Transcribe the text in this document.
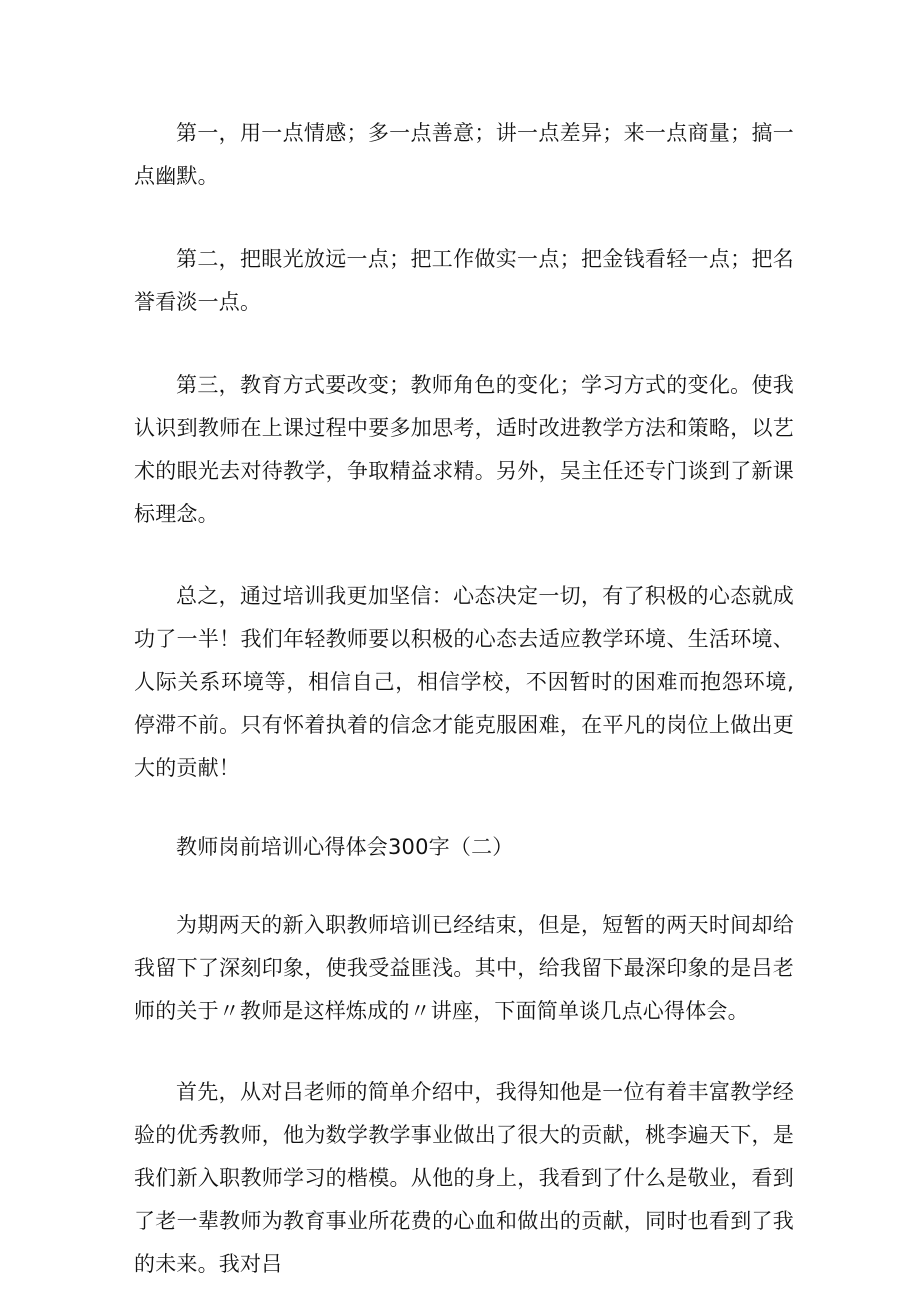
第一，用一点情感；多一点善意；讲一点差异；来一点商量；搞一点幽默。

第二，把眼光放远一点；把工作做实一点；把金钱看轻一点；把名誉看淡一点。

第三，教育方式要改变；教师角色的变化；学习方式的变化。使我认识到教师在上课过程中要多加思考，适时改进教学方法和策略，以艺术的眼光去对待教学，争取精益求精。另外，吴主任还专门谈到了新课标理念。

总之，通过培训我更加坚信：心态决定一切，有了积极的心态就成功了一半！我们年轻教师要以积极的心态去适应教学环境、生活环境、人际关系环境等，相信自己，相信学校，不因暂时的困难而抱怨环境,停滞不前。只有怀着执着的信念才能克服困难，在平凡的岗位上做出更大的贡献！

教师岗前培训心得体会300字（二）

为期两天的新入职教师培训已经结束，但是，短暂的两天时间却给我留下了深刻印象，使我受益匪浅。其中，给我留下最深印象的是吕老师的关于〃教师是这样炼成的〃讲座，下面简单谈几点心得体会。

首先，从对吕老师的简单介绍中，我得知他是一位有着丰富教学经验的优秀教师，他为数学教学事业做出了很大的贡献，桃李遍天下，是我们新入职教师学习的楷模。从他的身上，我看到了什么是敬业，看到了老一辈教师为教育事业所花费的心血和做出的贡献，同时也看到了我的未来。我对吕
